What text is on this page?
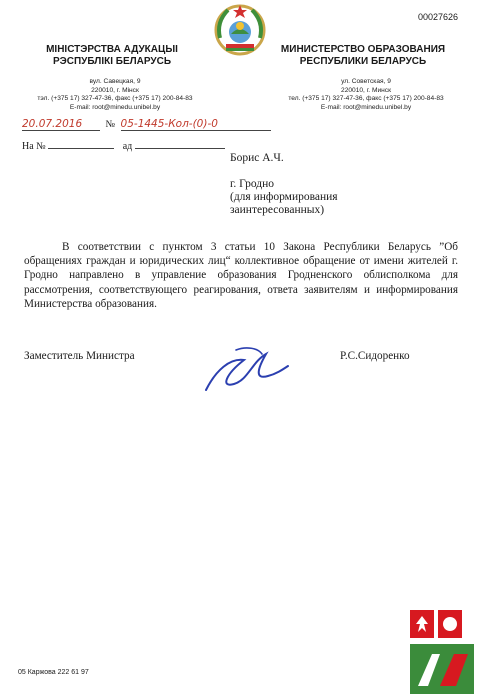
00027626
МІНІСТЭРСТВА АДУКАЦЫІ
РЭСПУБЛІКІ БЕЛАРУСЬ
МИНИСТЕРСТВО ОБРАЗОВАНИЯ
РЕСПУБЛИКИ БЕЛАРУСЬ
вул. Савецкая, 9
220010, г. Мінск
тэл. (+375 17) 327-47-36, факс (+375 17) 200-84-83
E-mail: root@minedu.unibel.by
ул. Советская, 9
220010, г. Минск
тел. (+375 17) 327-47-36, факс (+375 17) 200-84-83
E-mail: root@minedu.unibel.by
20.07.2016 № 05-1445-Кол-(0)-0
На №	ад
Борис А.Ч.
г. Гродно
(для информирования
заинтересованных)
В соответствии с пунктом 3 статьи 10 Закона Республики Беларусь ”Об обращениях граждан и юридических лиц“ коллективное обращение от имени жителей г. Гродно направлено в управление образования Гродненского облисполкома для рассмотрения, соответствующего реагирования, ответа заявителям и информирования Министерства образования.
Заместитель Министра	Р.С.Сидоренко
05 Каржова 222 61 97
